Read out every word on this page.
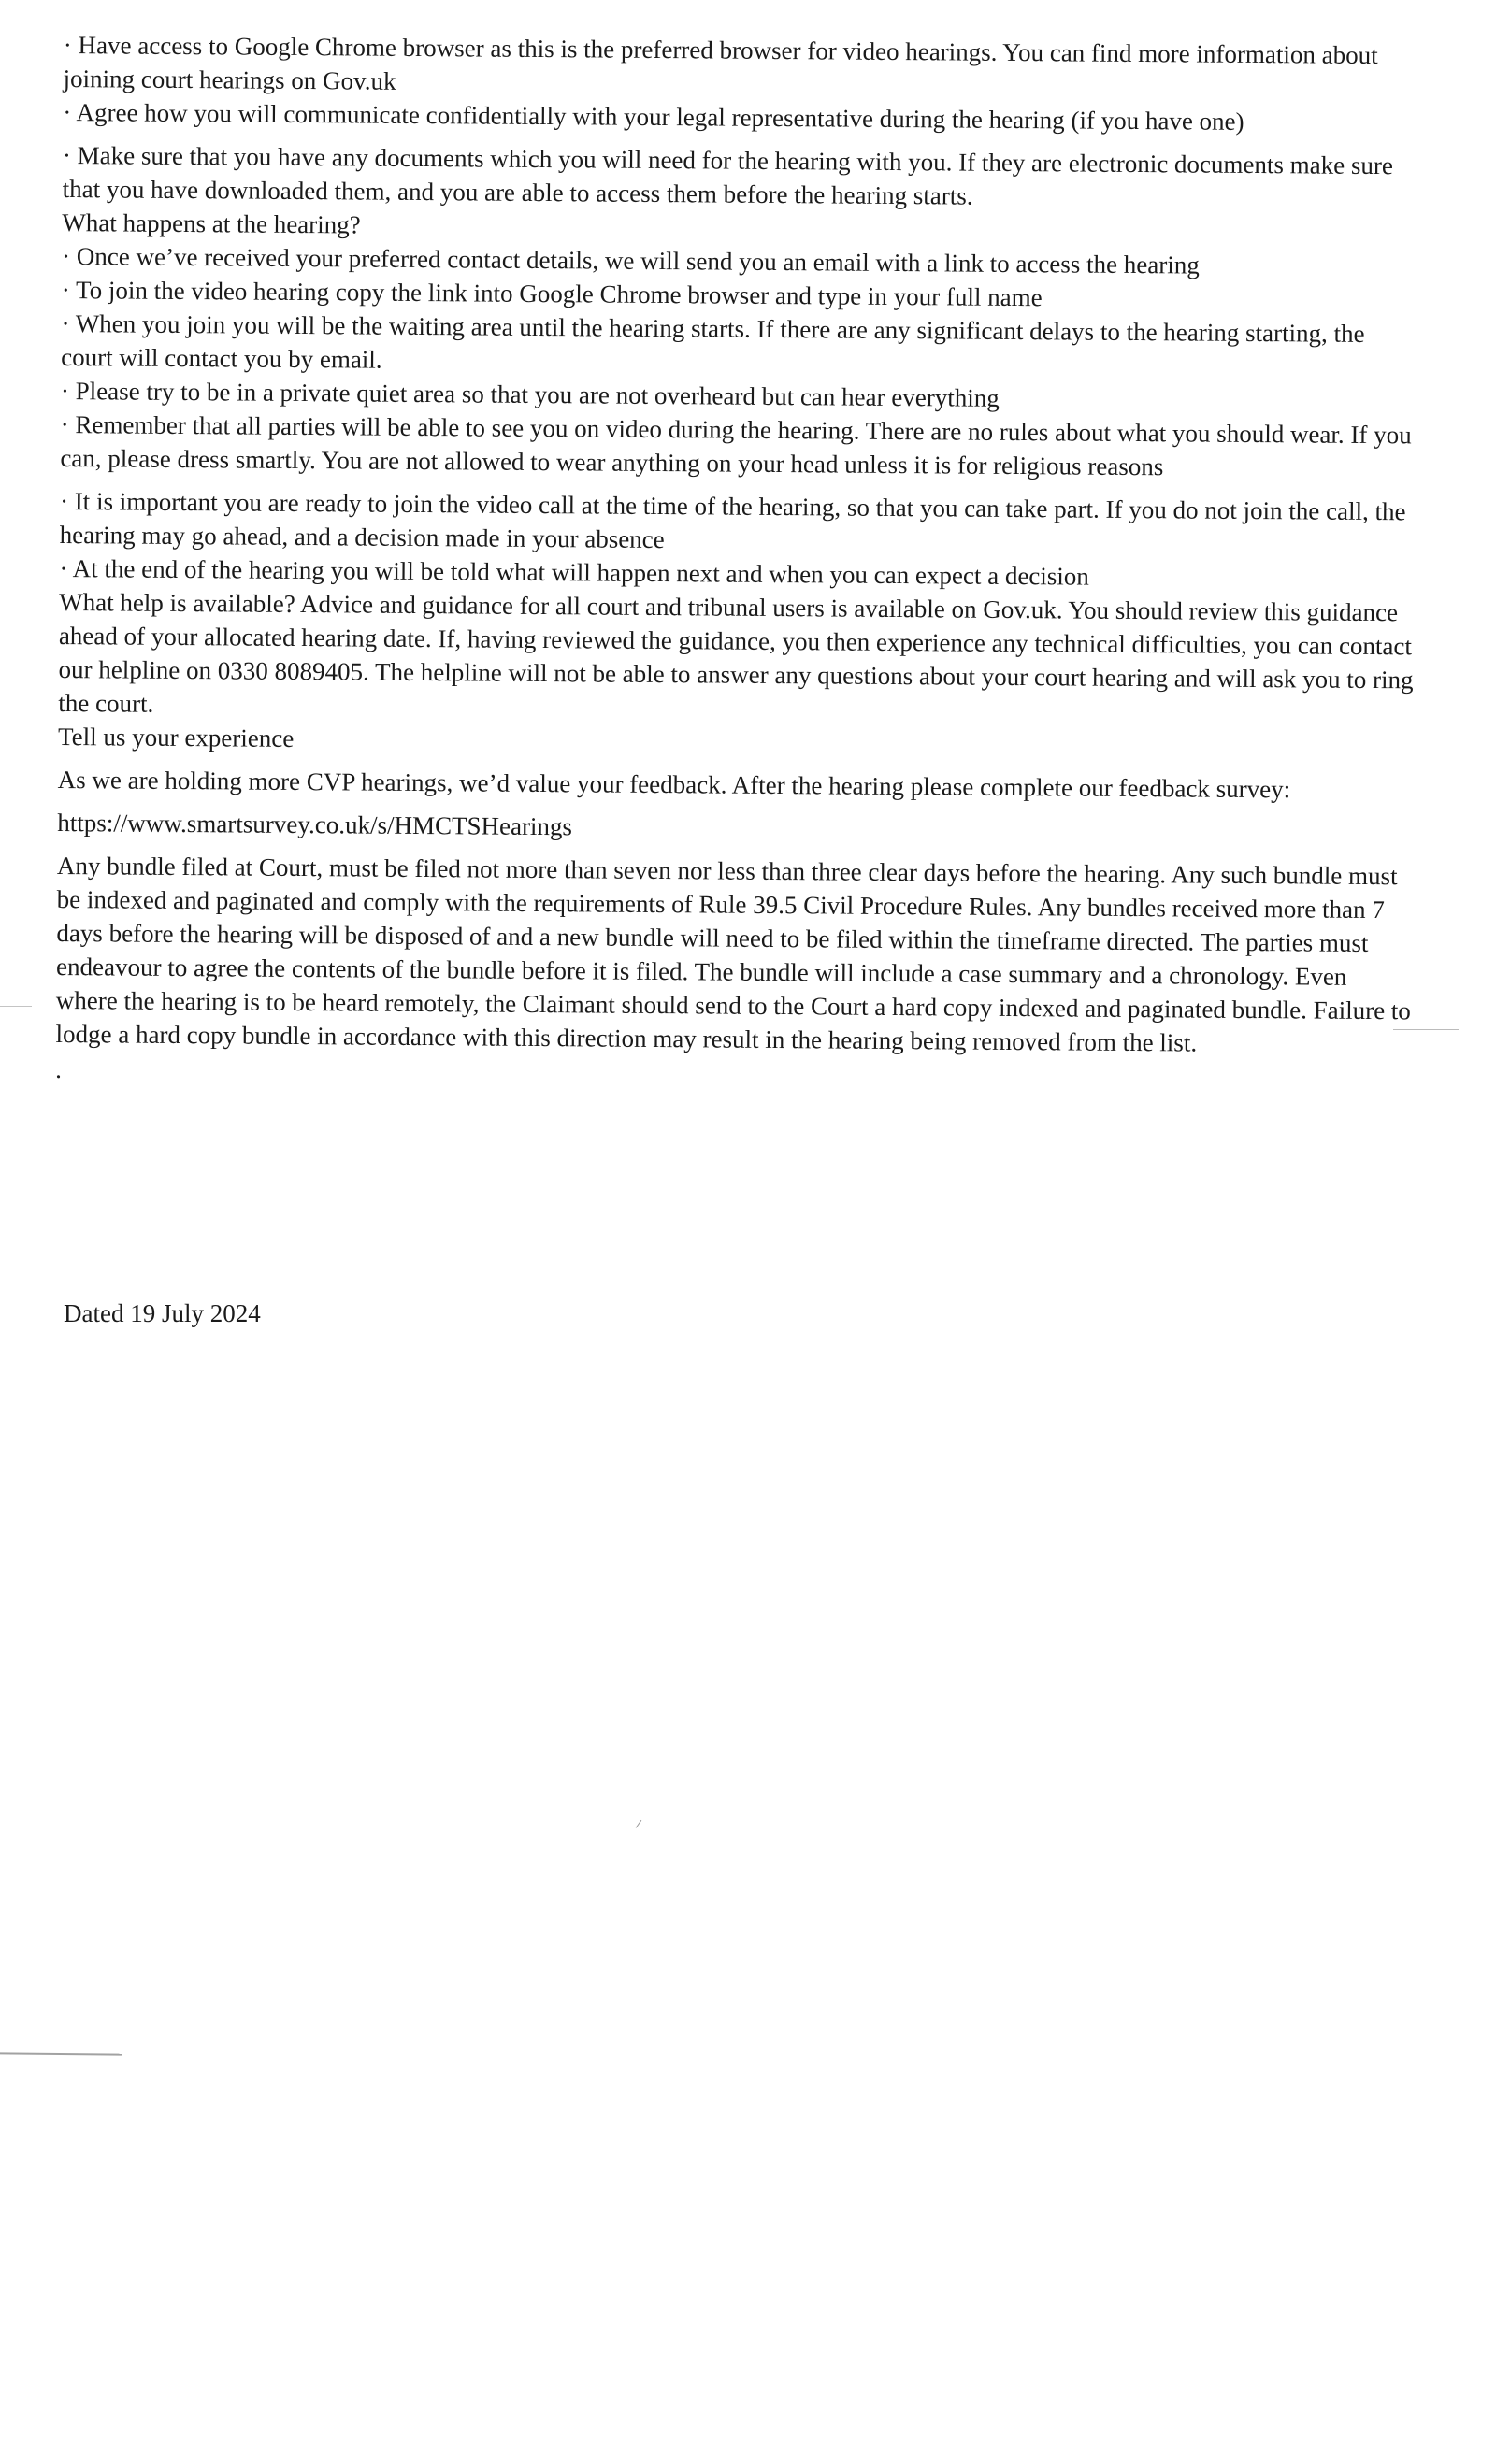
· Have access to Google Chrome browser as this is the preferred browser for video hearings. You can find more information about joining court hearings on Gov.uk

· Agree how you will communicate confidentially with your legal representative during the hearing (if you have one)

· Make sure that you have any documents which you will need for the hearing with you. If they are electronic documents make sure that you have downloaded them, and you are able to access them before the hearing starts.

What happens at the hearing?

· Once we’ve received your preferred contact details, we will send you an email with a link to access the hearing

· To join the video hearing copy the link into Google Chrome browser and type in your full name

· When you join you will be the waiting area until the hearing starts. If there are any significant delays to the hearing starting, the court will contact you by email.

· Please try to be in a private quiet area so that you are not overheard but can hear everything

· Remember that all parties will be able to see you on video during the hearing. There are no rules about what you should wear. If you can, please dress smartly. You are not allowed to wear anything on your head unless it is for religious reasons

· It is important you are ready to join the video call at the time of the hearing, so that you can take part. If you do not join the call, the hearing may go ahead, and a decision made in your absence

· At the end of the hearing you will be told what will happen next and when you can expect a decision

What help is available? Advice and guidance for all court and tribunal users is available on Gov.uk. You should review this guidance ahead of your allocated hearing date. If, having reviewed the guidance, you then experience any technical difficulties, you can contact our helpline on 0330 8089405. The helpline will not be able to answer any questions about your court hearing and will ask you to ring the court.

Tell us your experience

As we are holding more CVP hearings, we’d value your feedback. After the hearing please complete our feedback survey:

https://www.smartsurvey.co.uk/s/HMCTSHearings

Any bundle filed at Court, must be filed not more than seven nor less than three clear days before the hearing. Any such bundle must be indexed and paginated and comply with the requirements of Rule 39.5 Civil Procedure Rules. Any bundles received more than 7 days before the hearing will be disposed of and a new bundle will need to be filed within the timeframe directed. The parties must endeavour to agree the contents of the bundle before it is filed. The bundle will include a case summary and a chronology. Even where the hearing is to be heard remotely, the Claimant should send to the Court a hard copy indexed and paginated bundle. Failure to lodge a hard copy bundle in accordance with this direction may result in the hearing being removed from the list.

.

Dated 19 July 2024
